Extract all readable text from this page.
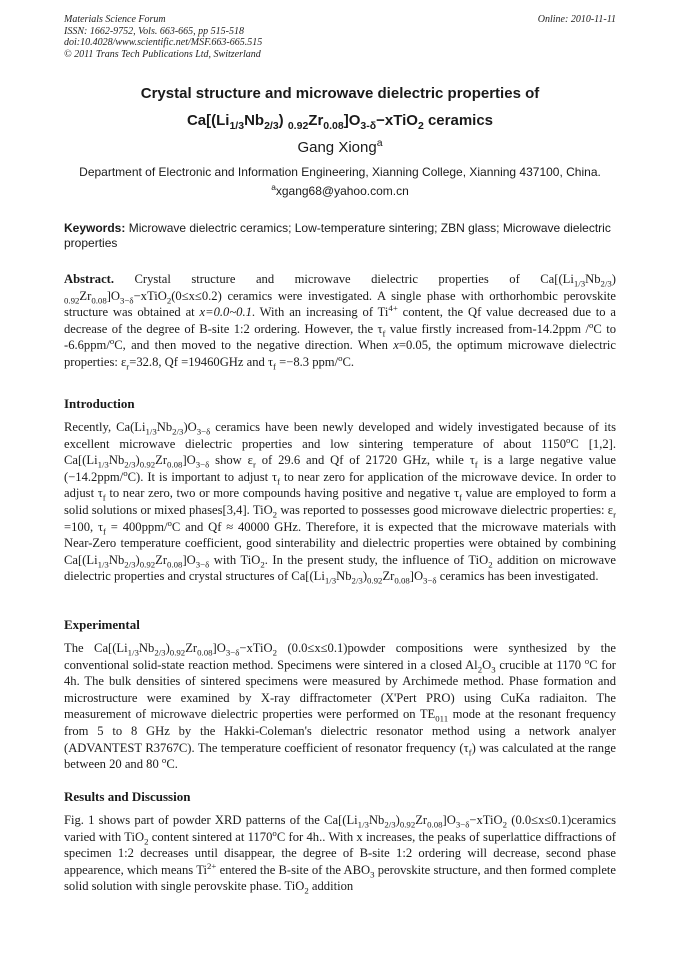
Materials Science Forum
ISSN: 1662-9752, Vols. 663-665, pp 515-518
doi:10.4028/www.scientific.net/MSF.663-665.515
© 2011 Trans Tech Publications Ltd, Switzerland
Online: 2010-11-11
Crystal structure and microwave dielectric properties of
$Ca[(Li_{1/3}Nb_{2/3})$ $_{0.92}Zr_{0.08}]O_{3-\delta}-xTiO_2$ ceramics
Gang Xiong$^a$
Department of Electronic and Information Engineering, Xianning College, Xianning 437100, China.
$^a$xgang68@yahoo.com.cn
Keywords: Microwave dielectric ceramics; Low-temperature sintering; ZBN glass; Microwave dielectric properties

Abstract. Crystal structure and microwave dielectric properties of $Ca[(Li_{1/3}Nb_{2/3})$ $_{0.92}Zr_{0.08}]O_{3-\delta}-xTiO_2(0\le x\le 0.2)$ ceramics were investigated. A single phase with orthorhombic perovskite structure was obtained at x=0.0~0.1. With an increasing of $Ti^{4+}$ content, the Qf value decreased due to a decrease of the degree of B-site 1:2 ordering. However, the $\tau_f$ value firstly increased from-14.2ppm /$^o$C to -6.6ppm/$^o$C, and then moved to the negative direction. When x=0.05, the optimum microwave dielectric properties: $\varepsilon_r=32.8$, Qf =19460GHz and $\tau_f =-8.3$ ppm/$^o$C.

Introduction

Recently, $Ca(Li_{1/3}Nb_{2/3})O_{3-\delta}$ ceramics have been newly developed and widely investigated because of its excellent microwave dielectric properties and low sintering temperature of about 1150$^o$C [1,2]. $Ca[(Li_{1/3}Nb_{2/3})_{0.92}Zr_{0.08}]O_{3-\delta}$ show $\varepsilon_r$ of 29.6 and Qf of 21720 GHz, while $\tau_f$ is a large negative value (−14.2ppm/$^o$C). It is important to adjust $\tau_f$ to near zero for application of the microwave device. In order to adjust $\tau_f$ to near zero, two or more compounds having positive and negative $\tau_f$ value are employed to form a solid solutions or mixed phases[3,4]. TiO$_2$ was reported to possesses good microwave dielectric properties: $\varepsilon_r =100$, $\tau_f = 400ppm/^oC$ and Qf ≈ 40000 GHz. Therefore, it is expected that the microwave materials with Near-Zero temperature coefficient, good sinterability and dielectric properties were obtained by combining $Ca[(Li_{1/3}Nb_{2/3})_{0.92}Zr_{0.08}]O_{3-\delta}$ with TiO$_2$. In the present study, the influence of TiO$_2$ addition on microwave dielectric properties and crystal structures of $Ca[(Li_{1/3}Nb_{2/3})_{0.92}Zr_{0.08}]O_{3-\delta}$ ceramics has been investigated.

Experimental

The $Ca[(Li_{1/3}Nb_{2/3})_{0.92}Zr_{0.08}]O_{3-\delta}-xTiO_2$ (0.0≤x≤0.1)powder compositions were synthesized by the conventional solid-state reaction method. Specimens were sintered in a closed $Al_2O_3$ crucible at 1170 $^o$C for 4h. The bulk densities of sintered specimens were measured by Archimede method. Phase formation and microstructure were examined by X-ray diffractometer (X'Pert PRO) using CuKa radiaiton. The measurement of microwave dielectric properties were performed on $TE_{011}$ mode at the resonant frequency from 5 to 8 GHz by the Hakki-Coleman's dielectric resonator method using a network analyer (ADVANTEST R3767C). The temperature coefficient of resonator frequency $(\tau_f)$ was calculated at the range between 20 and 80 $^o$C.

Results and Discussion

Fig. 1 shows part of powder XRD patterns of the $Ca[(Li_{1/3}Nb_{2/3})_{0.92}Zr_{0.08}]O_{3-\delta}-xTiO_2$ (0.0≤x≤0.1)ceramics varied with TiO$_2$ content sintered at 1170$^o$C for 4h.. With x increases, the peaks of superlattice diffractions of specimen 1:2 decreases until disappear, the degree of B-site 1:2 ordering will decrease, second phase appearence, which means $Ti^{2+}$ entered the B-site of the $ABO_3$ perovskite structure, and then formed complete solid solution with single perovskite phase. TiO$_2$ addition
